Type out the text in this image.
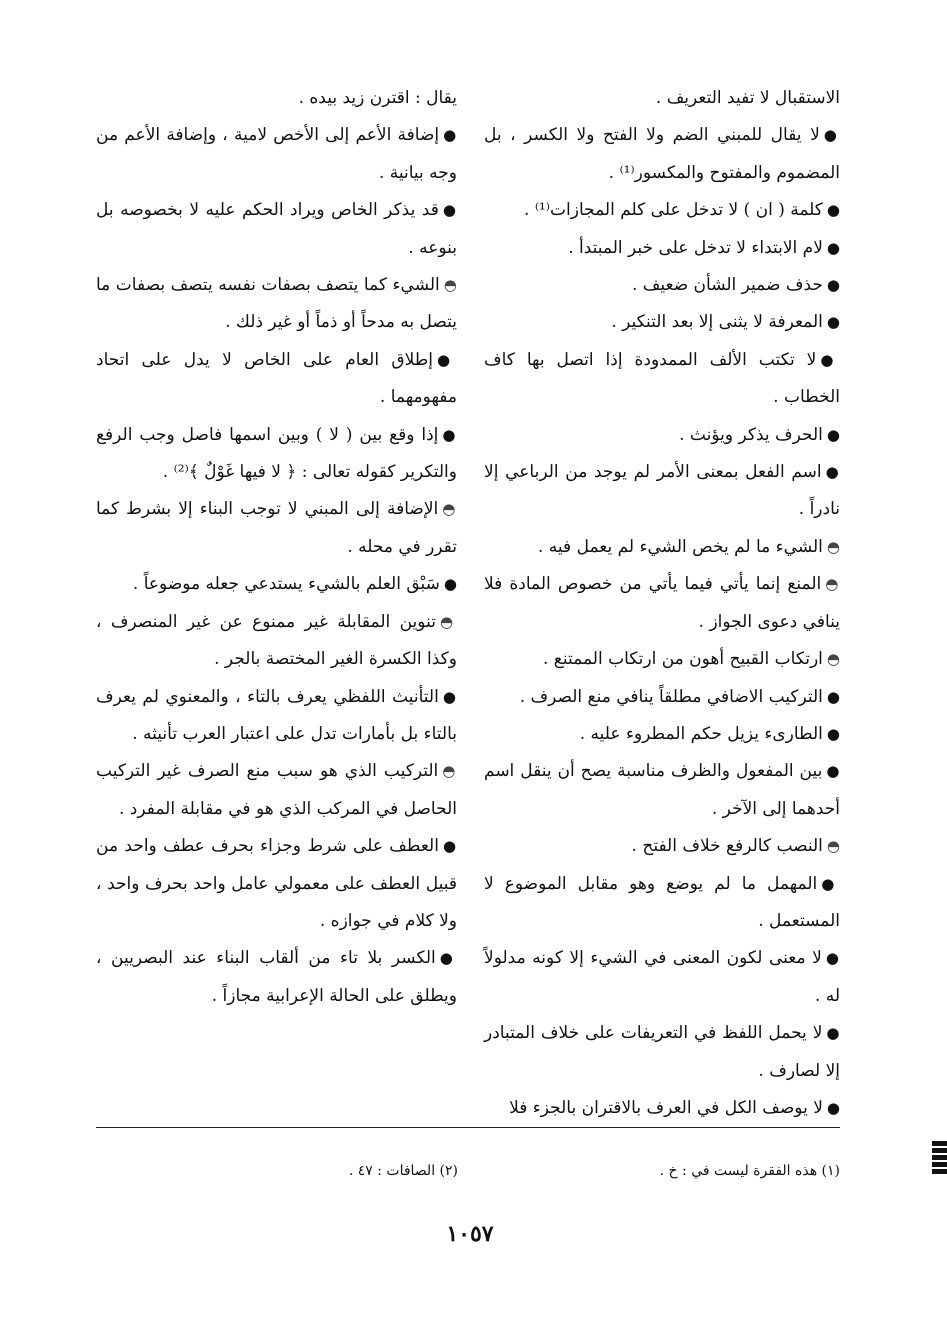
الاستقبال لا تفيد التعريف .
●لا يقال للمبني الضم ولا الفتح ولا الكسر ، بل المضموم والمفتوح والمكسور⁽¹⁾ .
●كلمة ( ان ) لا تدخل على كلم المجازات⁽¹⁾ .
●لام الابتداء لا تدخل على خبر المبتدأ .
●حذف ضمير الشأن ضعيف .
●المعرفة لا يثنى إلا بعد التنكير .
●لا تكتب الألف الممدودة إذا اتصل بها كاف الخطاب .
●الحرف يذكر ويؤنث .
●اسم الفعل بمعنى الأمر لم يوجد من الرباعي إلا نادراً .
◓الشيء ما لم يخص الشيء لم يعمل فيه .
◓المنع إنما يأتي فيما يأتي من خصوص المادة فلا ينافي دعوى الجواز .
◓ارتكاب القبيح أهون من ارتكاب الممتنع .
●التركيب الاضافي مطلقاً ينافي منع الصرف .
●الطارىء يزيل حكم المطروء عليه .
●بين المفعول والظرف مناسبة يصح أن ينقل اسم أحدهما إلى الآخر .
◓النصب كالرفع خلاف الفتح .
●المهمل ما لم يوضع وهو مقابل الموضوع لا المستعمل .
●لا معنى لكون المعنى في الشيء إلا كونه مدلولاً له .
●لا يحمل اللفظ في التعريفات على خلاف المتبادر إلا لصارف .
●لا يوصف الكل في العرف بالاقتران بالجزء فلا
يقال : اقترن زيد بيده .
●إضافة الأعم إلى الأخص لامية ، وإضافة الأعم من وجه بيانية .
●قد يذكر الخاص ويراد الحكم عليه لا بخصوصه بل بنوعه .
◓الشيء كما يتصف بصفات نفسه يتصف بصفات ما يتصل به مدحاً أو ذماً أو غير ذلك .
●إطلاق العام على الخاص لا يدل على اتحاد مفهومهما .
●إذا وقع بين ( لا ) وبين اسمها فاصل وجب الرفع والتكرير كقوله تعالى : ﴿ لا فيها غَوْلٌ ﴾⁽²⁾ .
◓الإضافة إلى المبني لا توجب البناء إلا بشرط كما تقرر في محله .
●سَبْق العلم بالشيء يستدعي جعله موضوعاً .
◓تنوين المقابلة غير ممنوع عن غير المنصرف ، وكذا الكسرة الغير المختصة بالجر .
●التأنيث اللفظي يعرف بالتاء ، والمعنوي لم يعرف بالتاء بل بأمارات تدل على اعتبار العرب تأنيثه .
◓التركيب الذي هو سبب منع الصرف غير التركيب الحاصل في المركب الذي هو في مقابلة المفرد .
●العطف على شرط وجزاء بحرف عطف واحد من قبيل العطف على معمولي عامل واحد بحرف واحد ، ولا كلام في جوازه .
●الكسر بلا تاء من ألقاب البناء عند البصريين ، ويطلق على الحالة الإعرابية مجازاً .
(١) هذه الفقرة ليست في : خ .
(٢) الصافات : ٤٧ .
١٠٥٧
